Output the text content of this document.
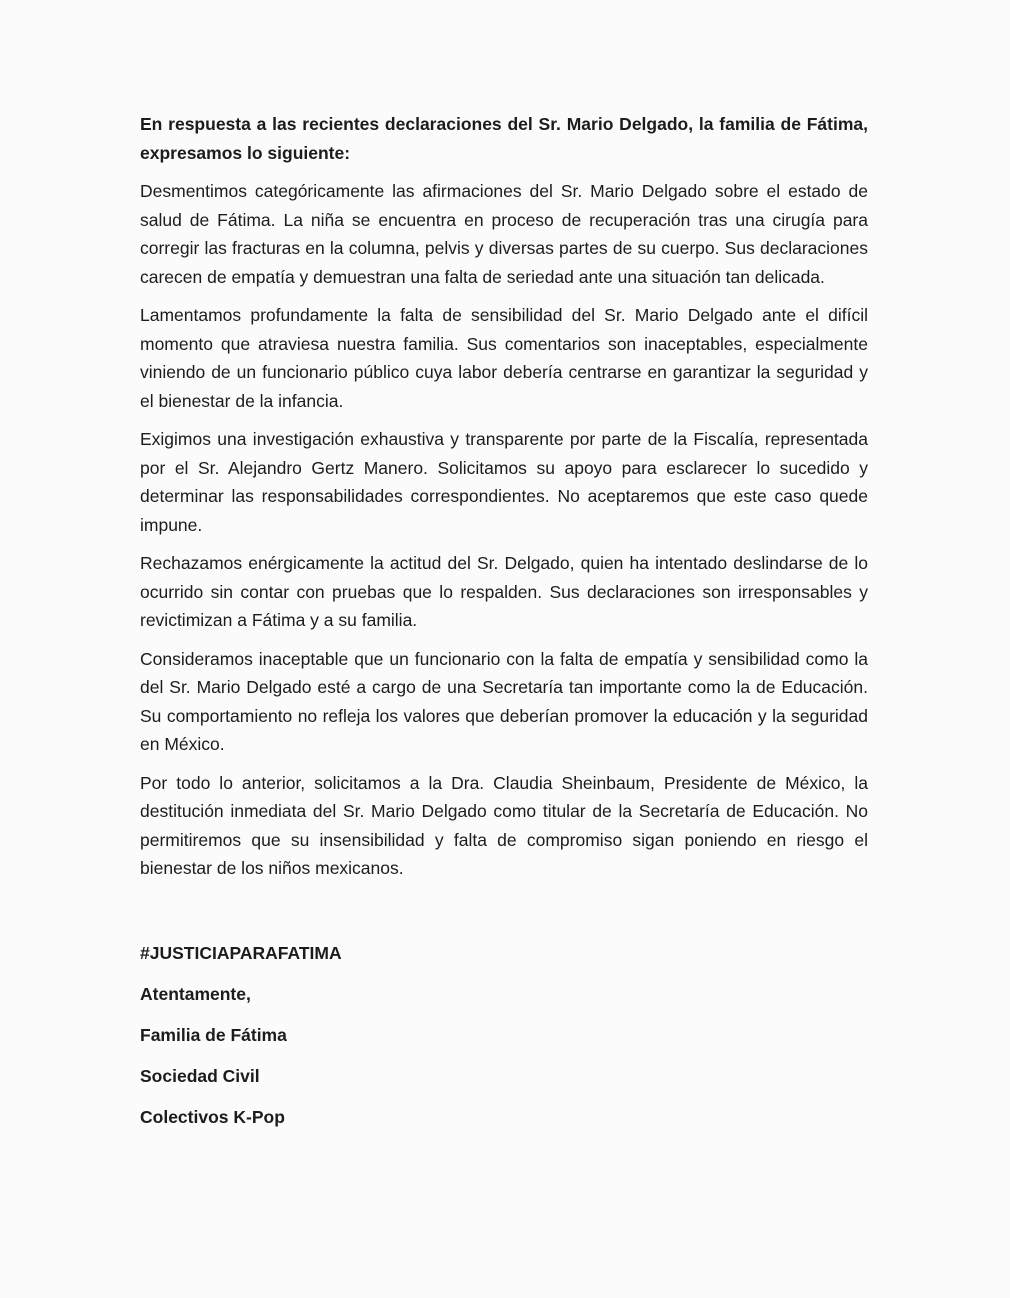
En respuesta a las recientes declaraciones del Sr. Mario Delgado, la familia de Fátima, expresamos lo siguiente:

Desmentimos categóricamente las afirmaciones del Sr. Mario Delgado sobre el estado de salud de Fátima. La niña se encuentra en proceso de recuperación tras una cirugía para corregir las fracturas en la columna, pelvis y diversas partes de su cuerpo. Sus declaraciones carecen de empatía y demuestran una falta de seriedad ante una situación tan delicada.

Lamentamos profundamente la falta de sensibilidad del Sr. Mario Delgado ante el difícil momento que atraviesa nuestra familia. Sus comentarios son inaceptables, especialmente viniendo de un funcionario público cuya labor debería centrarse en garantizar la seguridad y el bienestar de la infancia.

Exigimos una investigación exhaustiva y transparente por parte de la Fiscalía, representada por el Sr. Alejandro Gertz Manero. Solicitamos su apoyo para esclarecer lo sucedido y determinar las responsabilidades correspondientes. No aceptaremos que este caso quede impune.

Rechazamos enérgicamente la actitud del Sr. Delgado, quien ha intentado deslindarse de lo ocurrido sin contar con pruebas que lo respalden. Sus declaraciones son irresponsables y revictimizan a Fátima y a su familia.

Consideramos inaceptable que un funcionario con la falta de empatía y sensibilidad como la del Sr. Mario Delgado esté a cargo de una Secretaría tan importante como la de Educación. Su comportamiento no refleja los valores que deberían promover la educación y la seguridad en México.

Por todo lo anterior, solicitamos a la Dra. Claudia Sheinbaum, Presidente de México, la destitución inmediata del Sr. Mario Delgado como titular de la Secretaría de Educación. No permitiremos que su insensibilidad y falta de compromiso sigan poniendo en riesgo el bienestar de los niños mexicanos.

#JUSTICIAPARAFATIMA

Atentamente,

Familia de Fátima

Sociedad Civil

Colectivos K-Pop
